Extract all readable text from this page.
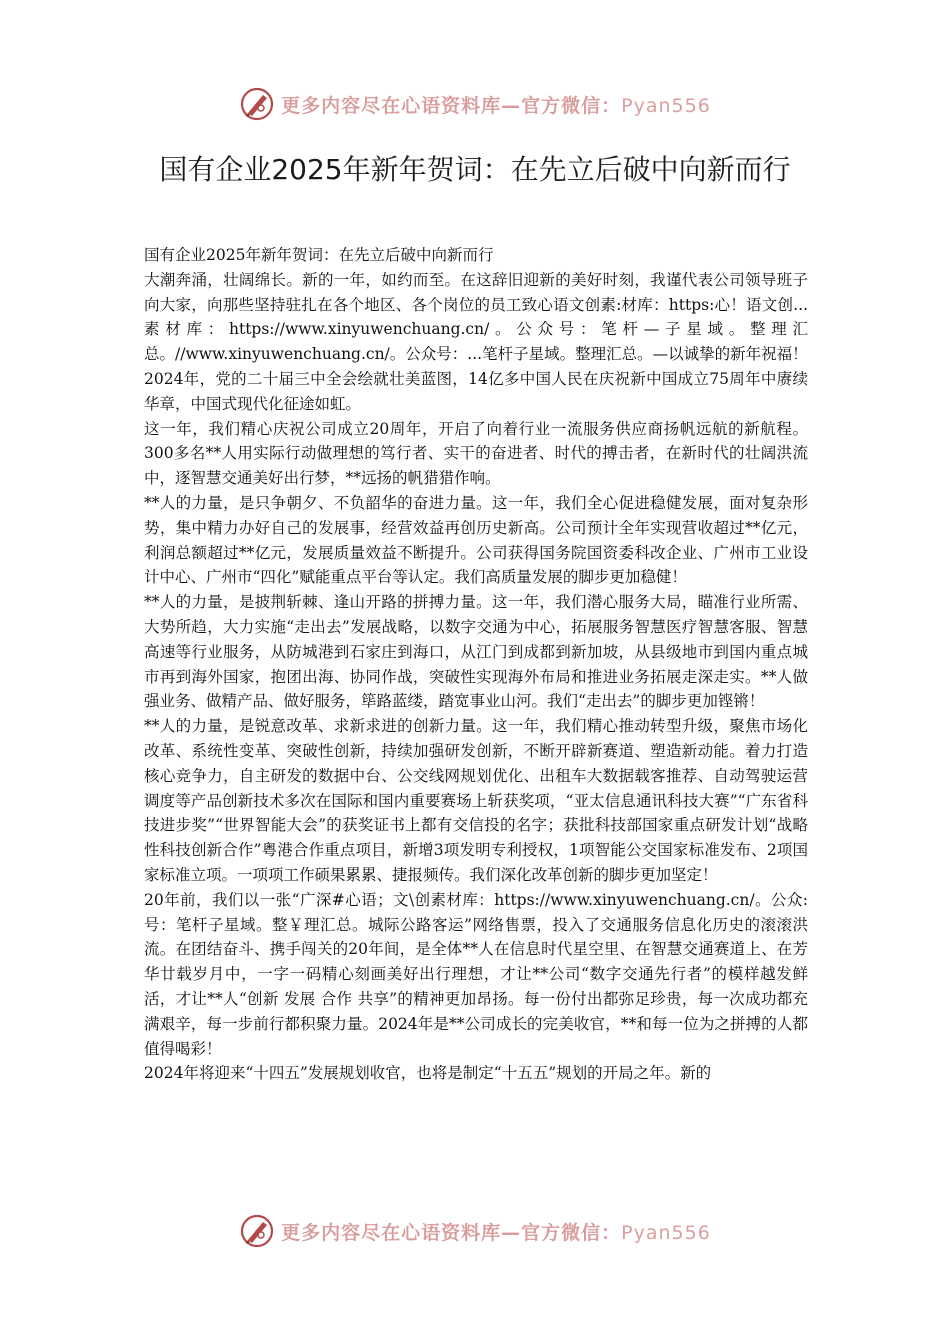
更多内容尽在心语资料库—官方微信：Pyan556
国有企业2025年新年贺词：在先立后破中向新而行

国有企业2025年新年贺词：在先立后破中向新而行

大潮奔涌，壮阔绵长。新的一年，如约而至。在这辞旧迎新的美好时刻，我谨代表公司领导班子向大家，向那些坚持驻扎在各个地区、各个岗位的员工致心语文创素:材库：https:心！语文创...素材库：https://www.xinyuwenchuang.cn/。公众号：笔杆—子星域。整理汇总。//www.xinyuwenchuang.cn/。公众号：...笔杆子星域。整理汇总。—以诚挚的新年祝福！

2024年，党的二十届三中全会绘就壮美蓝图，14亿多中国人民在庆祝新中国成立75周年中赓续华章，中国式现代化征途如虹。

这一年，我们精心庆祝公司成立20周年，开启了向着行业一流服务供应商扬帆远航的新航程。300多名**人用实际行动做理想的笃行者、实干的奋进者、时代的搏击者，在新时代的壮阔洪流中，逐智慧交通美好出行梦，**远扬的帆猎猎作响。

**人的力量，是只争朝夕、不负韶华的奋进力量。这一年，我们全心促进稳健发展，面对复杂形势，集中精力办好自己的发展事，经营效益再创历史新高。公司预计全年实现营收超过**亿元，利润总额超过**亿元，发展质量效益不断提升。公司获得国务院国资委科改企业、广州市工业设计中心、广州市“四化”赋能重点平台等认定。我们高质量发展的脚步更加稳健！

**人的力量，是披荆斩棘、逢山开路的拼搏力量。这一年，我们潜心服务大局，瞄准行业所需、大势所趋，大力实施“走出去”发展战略，以数字交通为中心，拓展服务智慧医疗智慧客服、智慧高速等行业服务，从防城港到石家庄到海口，从江门到成都到新加坡，从县级地市到国内重点城市再到海外国家，抱团出海、协同作战，突破性实现海外布局和推进业务拓展走深走实。**人做强业务、做精产品、做好服务，筚路蓝缕，踏宽事业山河。我们“走出去”的脚步更加铿锵！

**人的力量，是锐意改革、求新求进的创新力量。这一年，我们精心推动转型升级，聚焦市场化改革、系统性变革、突破性创新，持续加强研发创新，不断开辟新赛道、塑造新动能。着力打造核心竞争力，自主研发的数据中台、公交线网规划优化、出租车大数据载客推荐、自动驾驶运营调度等产品创新技术多次在国际和国内重要赛场上斩获奖项，“亚太信息通讯科技大赛”“广东省科技进步奖”“世界智能大会”的获奖证书上都有交信投的名字；获批科技部国家重点研发计划“战略性科技创新合作”粤港合作重点项目，新增3项发明专利授权，1项智能公交国家标准发布、2项国家标准立项。一项项工作硕果累累、捷报频传。我们深化改革创新的脚步更加坚定！

20年前，我们以一张“广深#心语；文\创素材库：https://www.xinyuwenchuang.cn/。公众:号：笔杆子星域。整￥理汇总。城际公路客运”网络售票，投入了交通服务信息化历史的滚滚洪流。在团结奋斗、携手闯关的20年间，是全体**人在信息时代星空里、在智慧交通赛道上、在芳华廿载岁月中，一字一码精心刻画美好出行理想，才让**公司“数字交通先行者”的模样越发鲜活，才让**人“创新 发展 合作 共享”的精神更加昂扬。每一份付出都弥足珍贵，每一次成功都充满艰辛，每一步前行都积聚力量。2024年是**公司成长的完美收官，**和每一位为之拼搏的人都值得喝彩！

2024年将迎来“十四五”发展规划收官，也将是制定“十五五”规划的开局之年。新的

更多内容尽在心语资料库—官方微信：Pyan556
